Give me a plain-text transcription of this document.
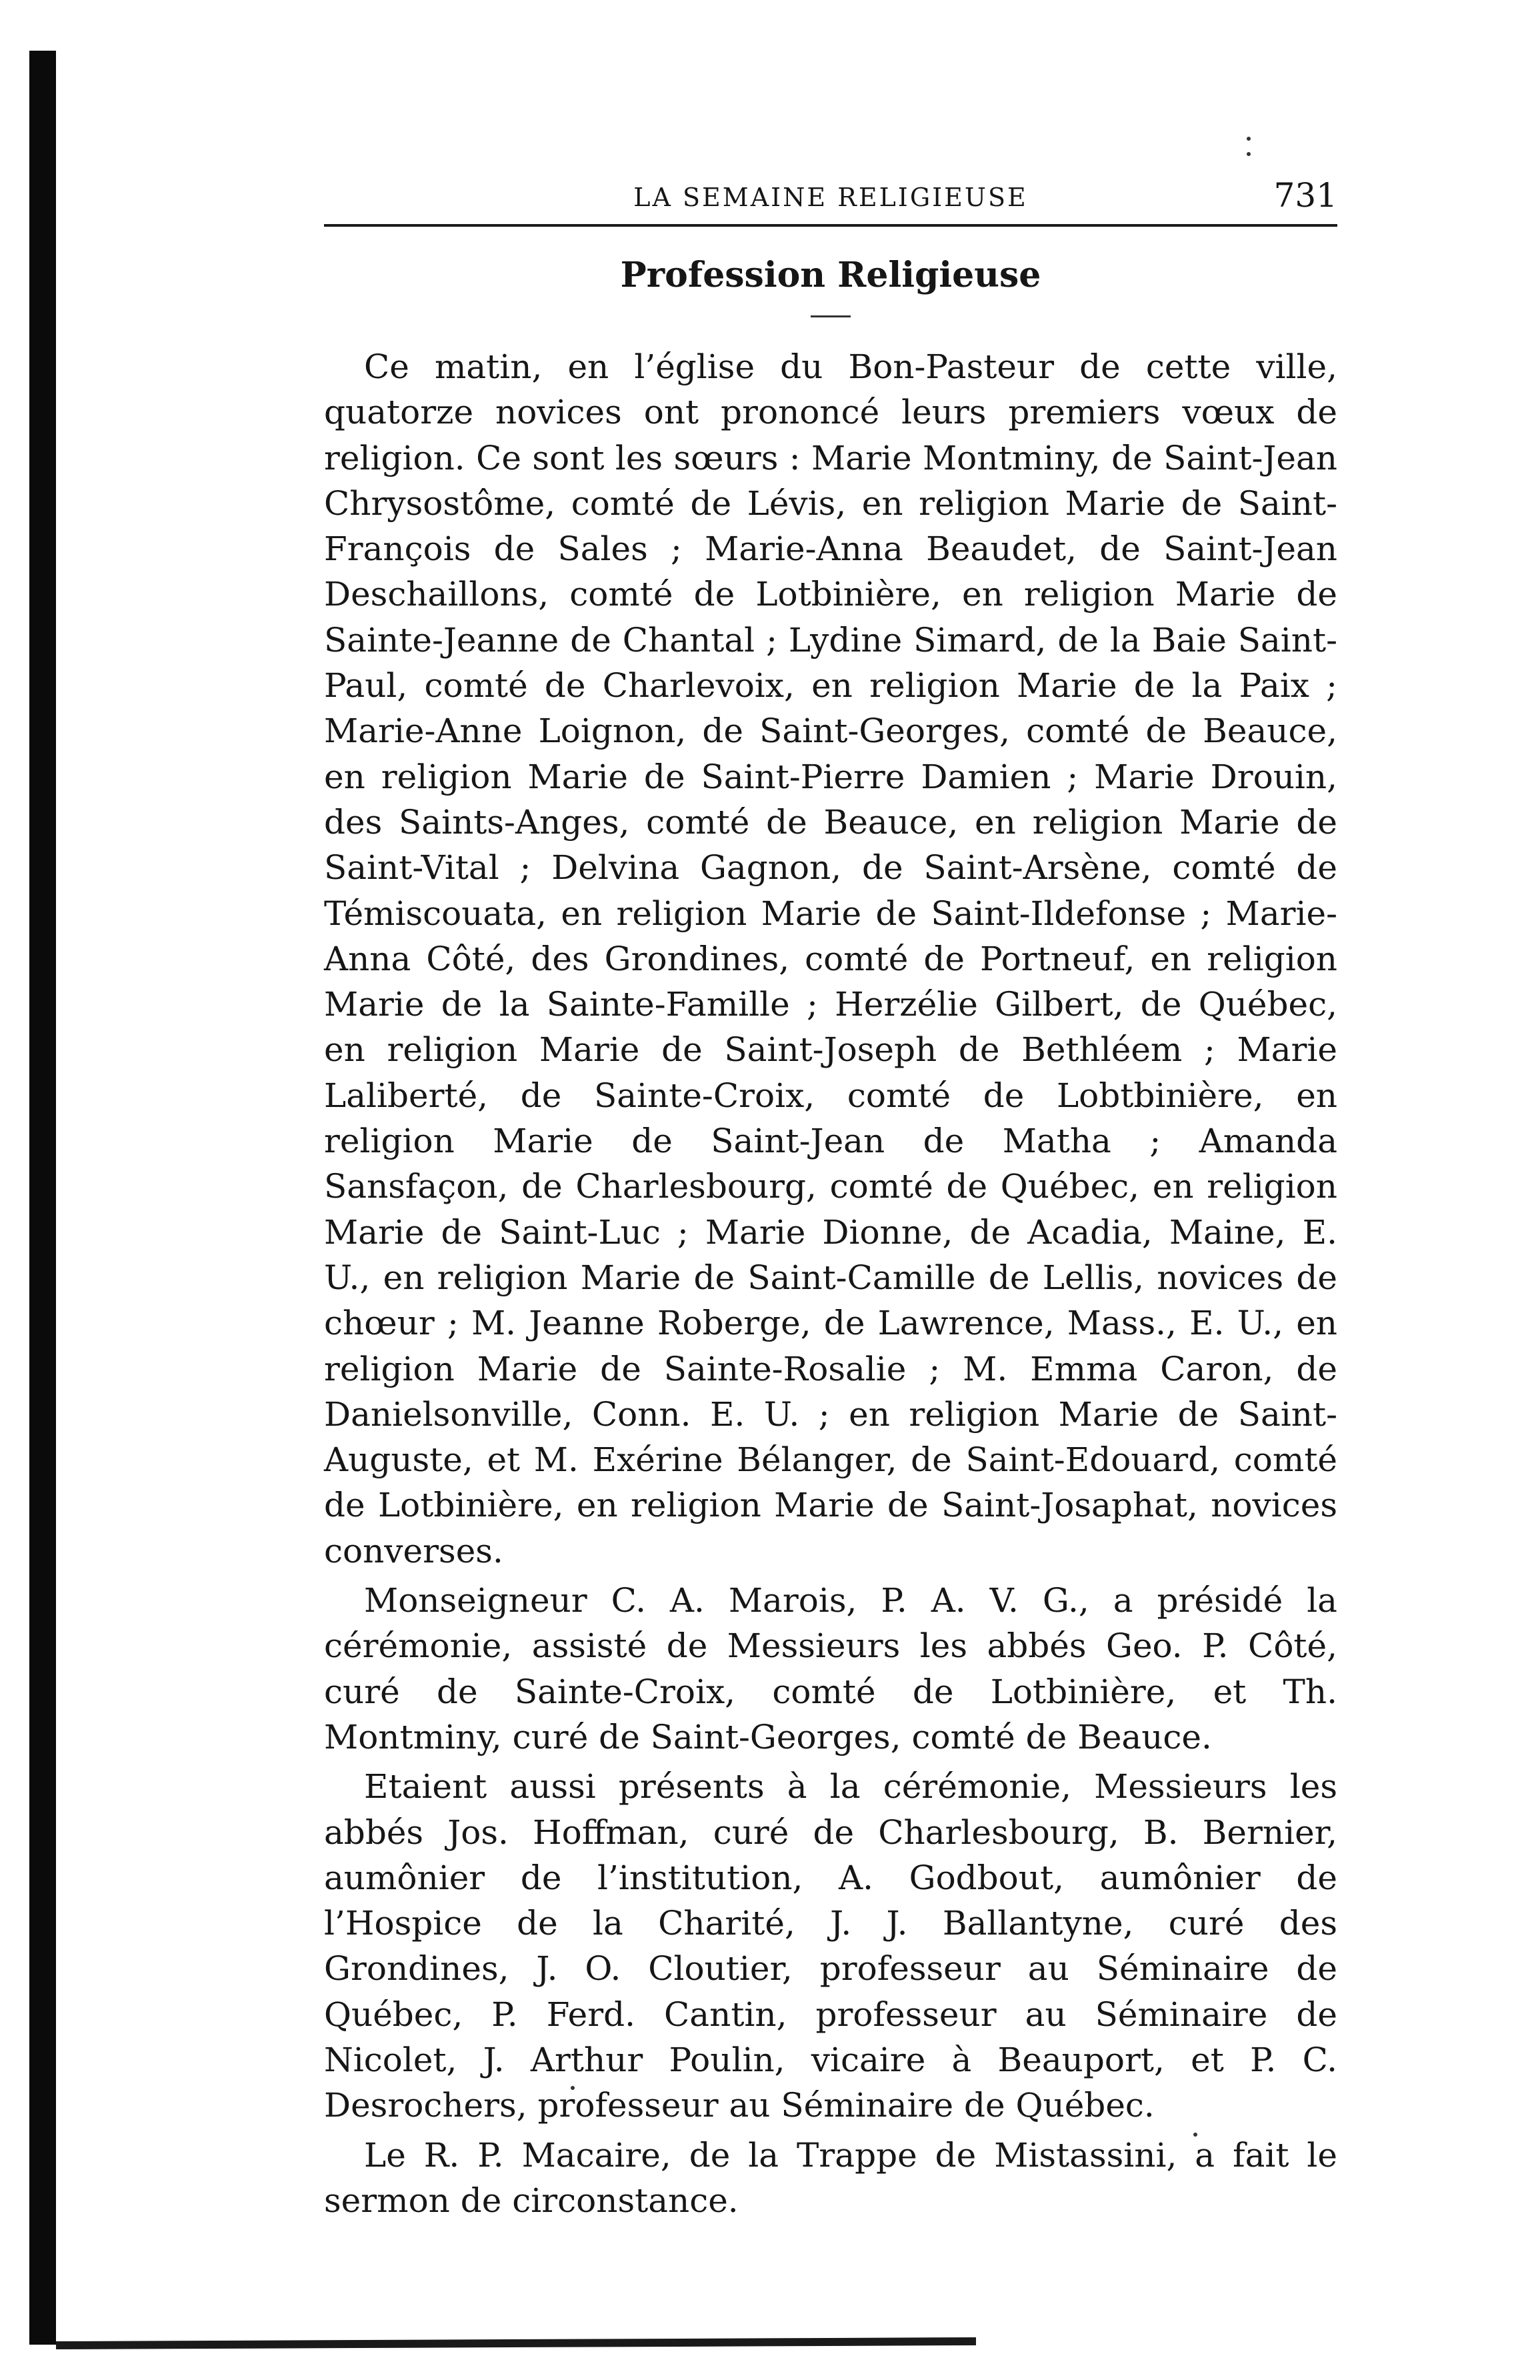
LA SEMAINE RELIGIEUSE	731
Profession Religieuse

Ce matin, en l’église du Bon-Pasteur de cette ville, quatorze novices ont prononcé leurs premiers vœux de religion. Ce sont les sœurs : Marie Montminy, de Saint-Jean Chrysostôme, comté de Lévis, en religion Marie de Saint-François de Sales ; Marie-Anna Beaudet, de Saint-Jean Deschaillons, comté de Lotbinière, en religion Marie de Sainte-Jeanne de Chantal ; Lydine Simard, de la Baie Saint-Paul, comté de Charlevoix, en religion Marie de la Paix ; Marie-Anne Loignon, de Saint-Georges, comté de Beauce, en religion Marie de Saint-Pierre Damien ; Marie Drouin, des Saints-Anges, comté de Beauce, en religion Marie de Saint-Vital ; Delvina Gagnon, de Saint-Arsène, comté de Témiscouata, en religion Marie de Saint-Ildefonse ; Marie-Anna Côté, des Grondines, comté de Portneuf, en religion Marie de la Sainte-Famille ; Herzélie Gilbert, de Québec, en religion Marie de Saint-Joseph de Bethléem ; Marie Laliberté, de Sainte-Croix, comté de Lobtbinière, en religion Marie de Saint-Jean de Matha ; Amanda Sansfaçon, de Charlesbourg, comté de Québec, en religion Marie de Saint-Luc ; Marie Dionne, de Acadia, Maine, E. U., en religion Marie de Saint-Camille de Lellis, novices de chœur ; M. Jeanne Roberge, de Lawrence, Mass., E. U., en religion Marie de Sainte-Rosalie ; M. Emma Caron, de Danielsonville, Conn. E. U. ; en religion Marie de Saint-Auguste, et M. Exérine Bélanger, de Saint-Edouard, comté de Lotbinière, en religion Marie de Saint-Josaphat, novices converses.

Monseigneur C. A. Marois, P. A. V. G., a présidé la cérémonie, assisté de Messieurs les abbés Geo. P. Côté, curé de Sainte-Croix, comté de Lotbinière, et Th. Montminy, curé de Saint-Georges, comté de Beauce.

Etaient aussi présents à la cérémonie, Messieurs les abbés Jos. Hoffman, curé de Charlesbourg, B. Bernier, aumônier de l’institution, A. Godbout, aumônier de l’Hospice de la Charité, J. J. Ballantyne, curé des Grondines, J. O. Cloutier, professeur au Séminaire de Québec, P. Ferd. Cantin, professeur au Séminaire de Nicolet, J. Arthur Poulin, vicaire à Beauport, et P. C. Desrochers, professeur au Séminaire de Québec.

Le R. P. Macaire, de la Trappe de Mistassini, a fait le sermon de circonstance.
